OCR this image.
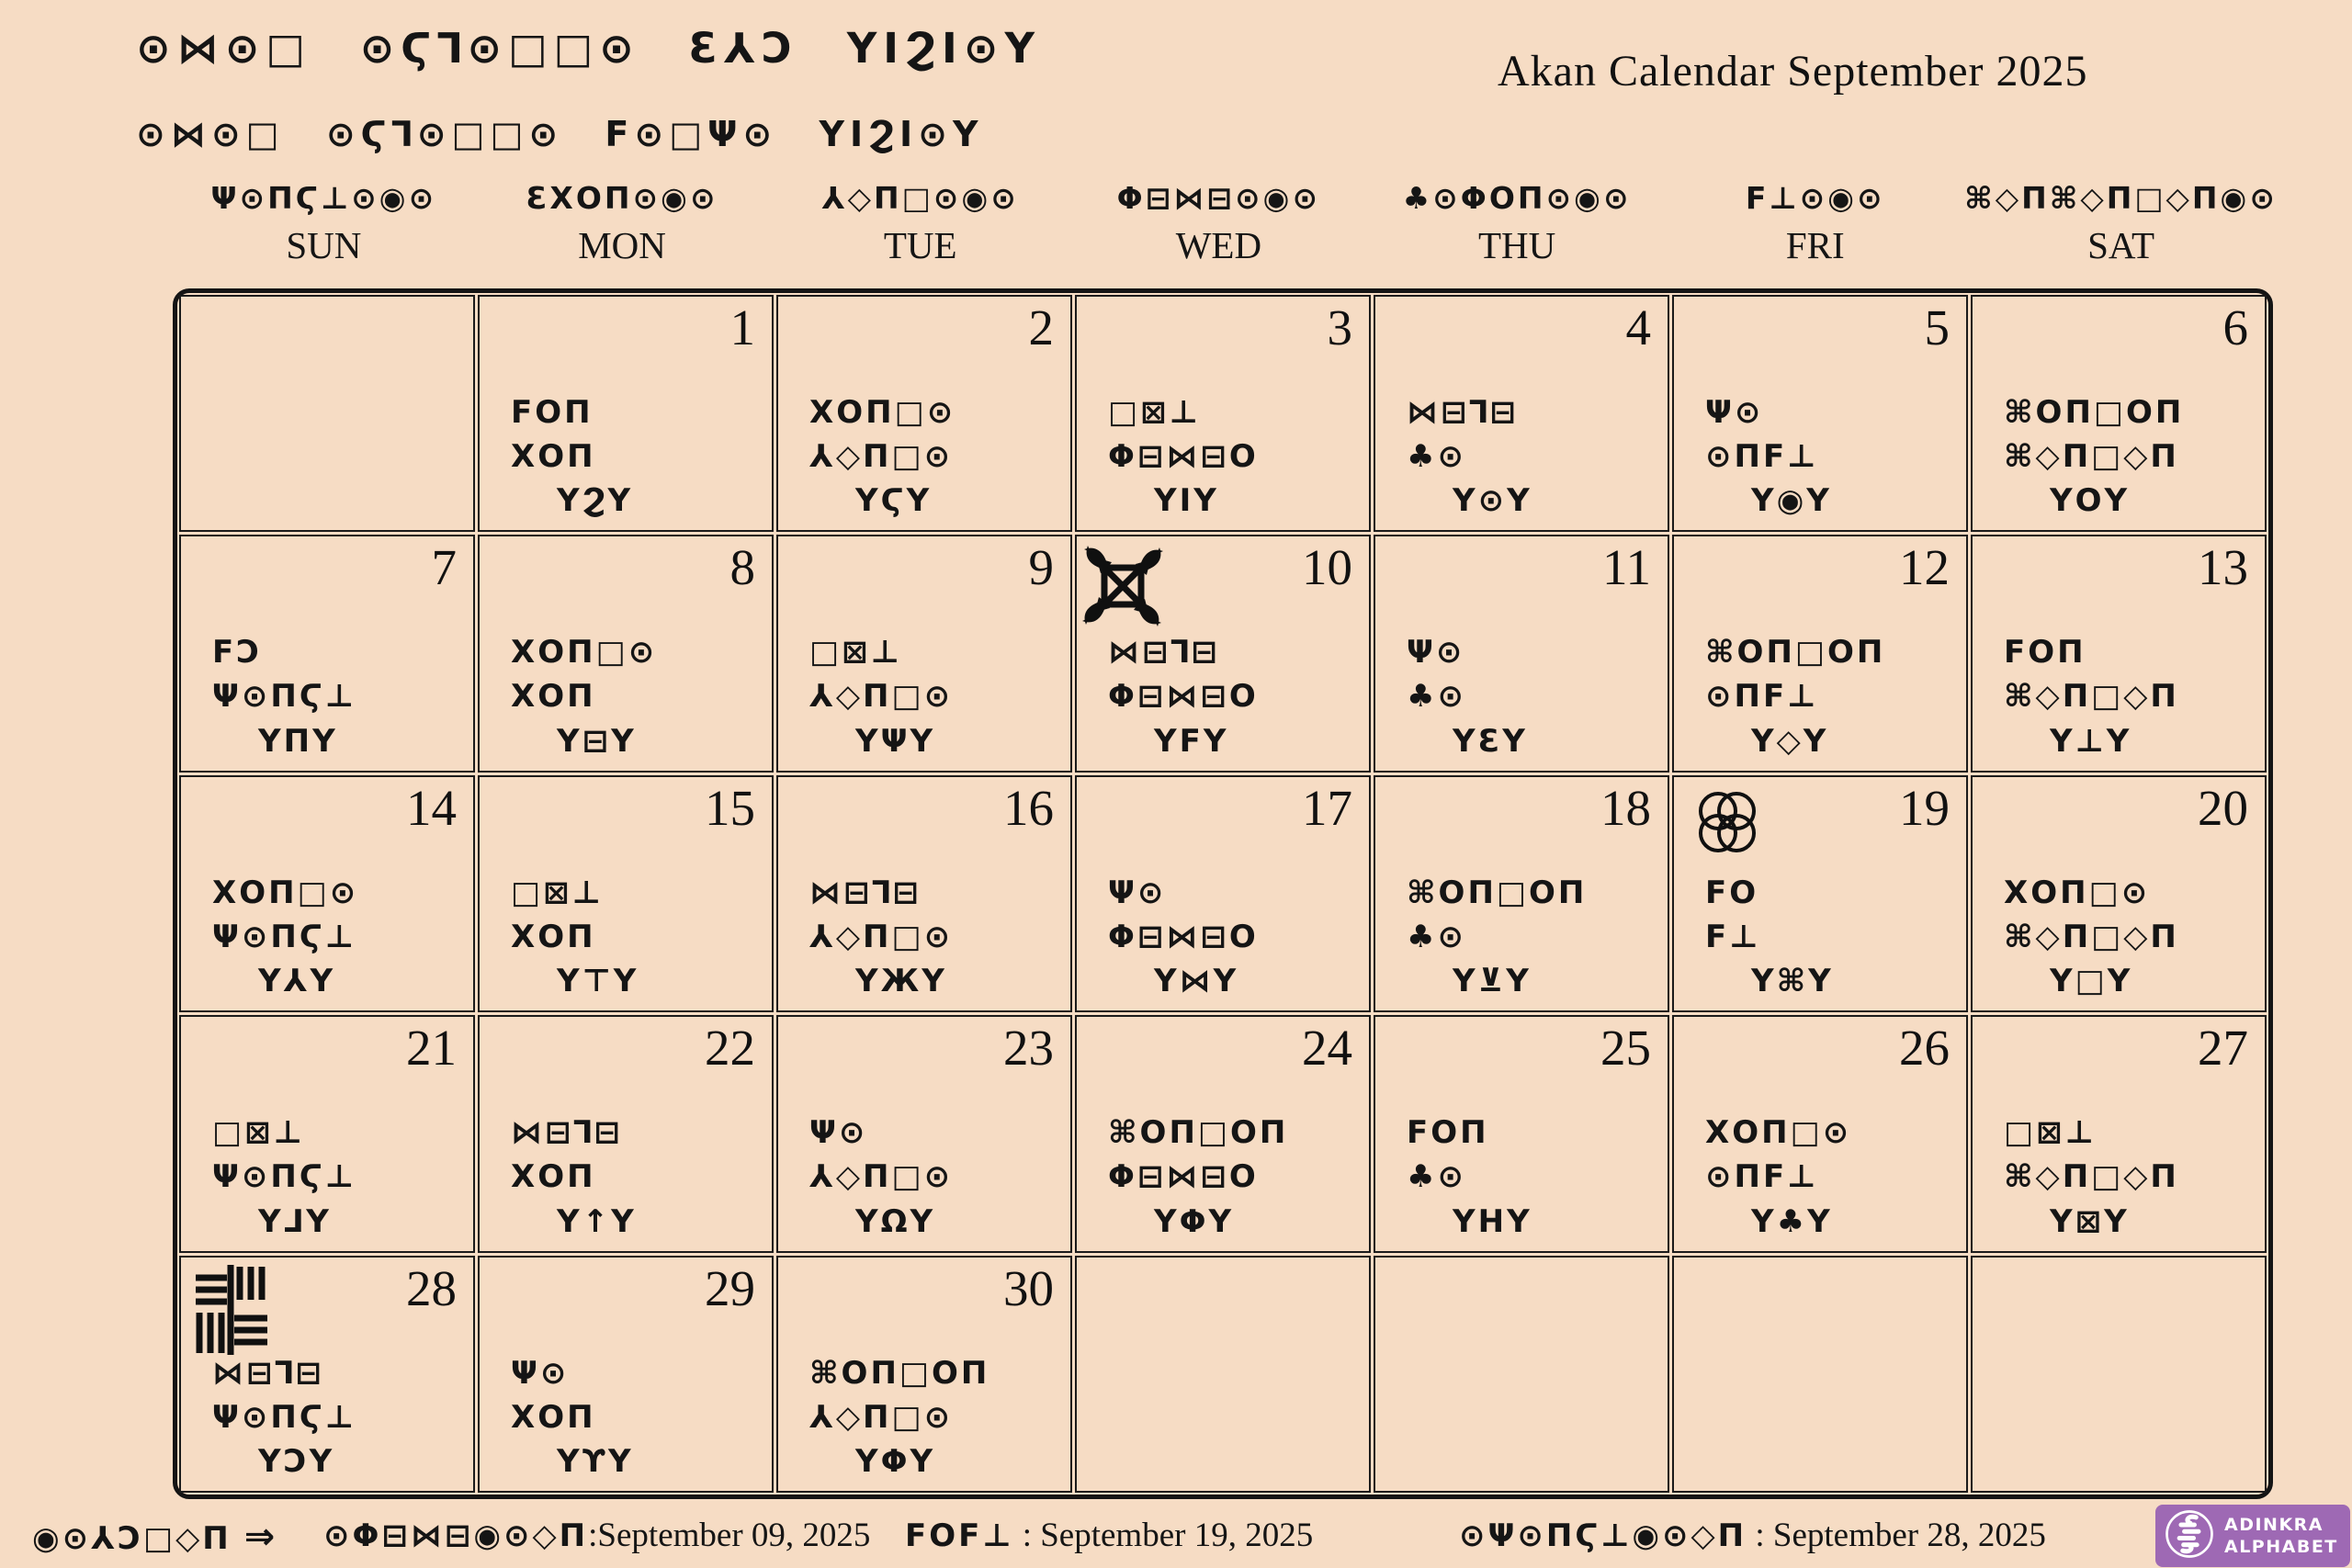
⊙⋈⊙□ ⊙Ϛ⅂⊙□□⊙ Ɛ⅄Ɔ ΥΙϨΙ⊙Υ
⊙⋈⊙□ ⊙Ϛ⅂⊙□□⊙ Ϝ⊙□Ψ⊙ ΥΙϨΙ⊙Υ
Akan Calendar September 2025
Ψ⊙ΠϚ⊥⊙◉⊙
SUN
ƐⅩΟΠ⊙◉⊙
MON
⅄◇Π□⊙◉⊙
TUE
Φ⊟⋈⊟⊙◉⊙
WED
♣⊙ΦΟΠ⊙◉⊙
THU
Ϝ⊥⊙◉⊙
FRI
⌘◇Π⌘◇Π□◇Π◉⊙
SAT
1
ϜΟΠ
ⅩΟΠ
ΥϨΥ
2
ⅩΟΠ□⊙
⅄◇Π□⊙
ΥϚΥ
3
□⊠⊥
Φ⊟⋈⊟Ο
ΥΙΥ
4
⋈⊟⅂⊟
♣⊙
Υ⊙Υ
5
Ψ⊙
⊙ΠϜ⊥
Υ◉Υ
6
⌘ΟΠ□ΟΠ
⌘◇Π□◇Π
ΥΟΥ
7
ϜƆ
Ψ⊙ΠϚ⊥
ΥΠΥ
8
ⅩΟΠ□⊙
ⅩΟΠ
Υ⊟Υ
9
□⊠⊥
⅄◇Π□⊙
ΥΨΥ
10
⋈⊟⅂⊟
Φ⊟⋈⊟Ο
ΥϜΥ
11
Ψ⊙
♣⊙
ΥƐΥ
12
⌘ΟΠ□ΟΠ
⊙ΠϜ⊥
Υ◇Υ
13
ϜΟΠ
⌘◇Π□◇Π
Υ⊥Υ
14
ⅩΟΠ□⊙
Ψ⊙ΠϚ⊥
Υ⅄Υ
15
□⊠⊥
ⅩΟΠ
Υ⊤Υ
16
⋈⊟⅂⊟
⅄◇Π□⊙
ΥЖΥ
17
Ψ⊙
Φ⊟⋈⊟Ο
Υ⋈Υ
18
⌘ΟΠ□ΟΠ
♣⊙
Υ⊻Υ
19
ϜΟ
Ϝ⊥
Υ⌘Υ
20
ⅩΟΠ□⊙
⌘◇Π□◇Π
Υ□Υ
21
□⊠⊥
Ψ⊙ΠϚ⊥
Υ⅃Υ
22
⋈⊟⅂⊟
ⅩΟΠ
Υ↑Υ
23
Ψ⊙
⅄◇Π□⊙
ΥΩΥ
24
⌘ΟΠ□ΟΠ
Φ⊟⋈⊟Ο
ΥΦΥ
25
ϜΟΠ
♣⊙
ΥΗΥ
26
ⅩΟΠ□⊙
⊙ΠϜ⊥
Υ♣Υ
27
□⊠⊥
⌘◇Π□◇Π
Υ⊠Υ
28
⋈⊟⅂⊟
Ψ⊙ΠϚ⊥
ΥƆΥ
29
Ψ⊙
ⅩΟΠ
ΥϒΥ
30
⌘ΟΠ□ΟΠ
⅄◇Π□⊙
ΥΦΥ
◉⊙⅄Ɔ□◇Π ⇒	ADINKRA
ALPHABET
⊙Φ⊟⋈⊟◉⊙◇Π:September 09, 2025 ϜΟϜ⊥ : September 19, 2025	⊙Ψ⊙ΠϚ⊥◉⊙◇Π : September 28, 2025
